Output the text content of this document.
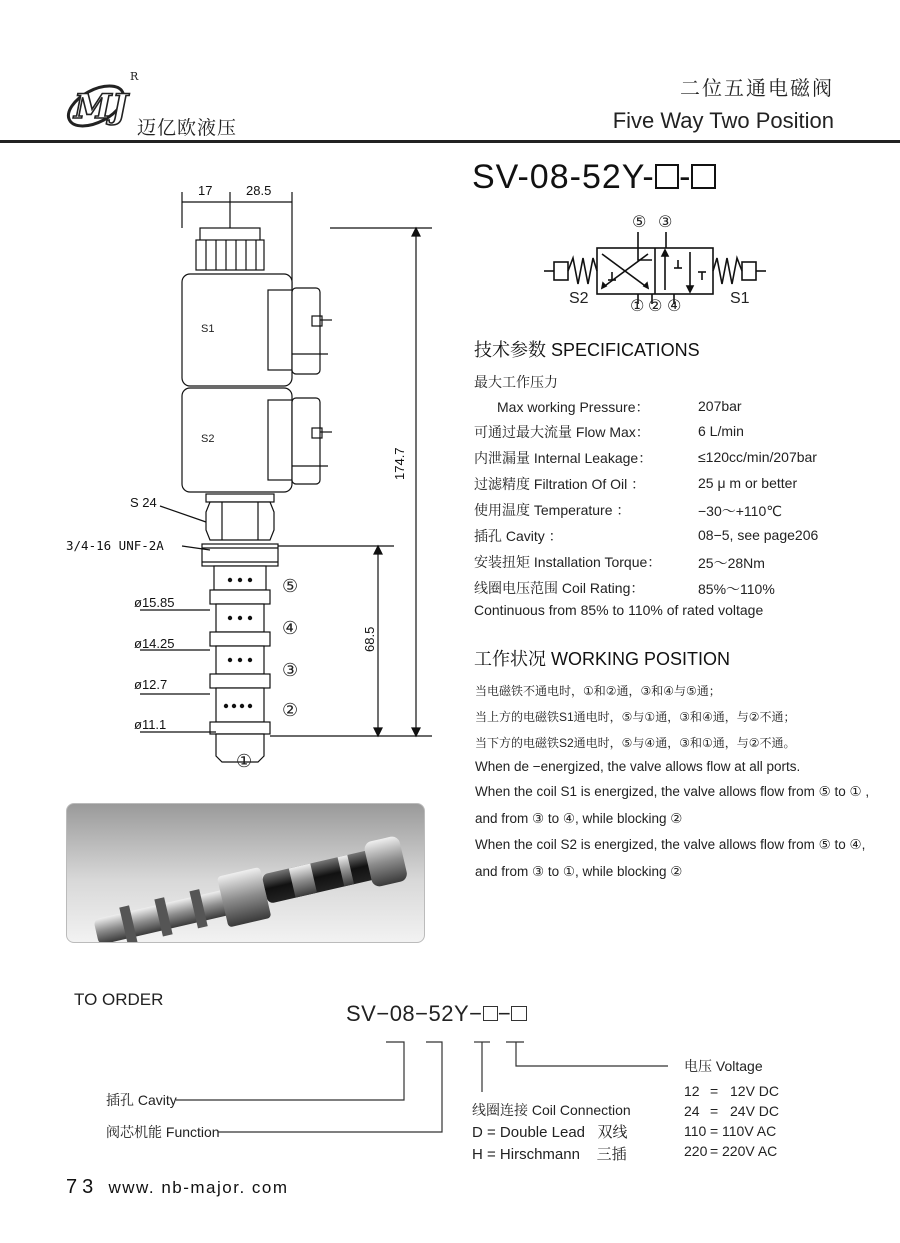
MJ
R
迈亿欧液压
二位五通电磁阀
Five Way Two Position
SV-08-52Y- -
⑤ ③
① ② ④
S2	S1
17	28.5
S1
S2
174.7
68.5
S 24
3/4-16 UNF-2A
ø15.85
ø14.25
ø12.7
ø11.1
⑤
④
③
②
①
技术参数 SPECIFICATIONS
最大工作压力
Max working Pressure：	207bar
可通过最大流量 Flow Max：	6 L/min
内泄漏量 Internal Leakage：	≤120cc/min/207bar
过滤精度 Filtration Of Oil ：	25 μ m or better
使用温度 Temperature ：	−30～+110℃
插孔 Cavity ：	08−5, see page206
安装扭矩 Installation Torque：	25～28Nm
线圈电压范围 Coil Rating：	85%～110%
Continuous from 85% to 110% of rated voltage
工作状况 WORKING POSITION
当电磁铁不通电时，①和②通，③和④与⑤通；
当上方的电磁铁S1通电时，⑤与①通，③和④通，与②不通；
当下方的电磁铁S2通电时，⑤与④通，③和①通，与②不通。
When de −energized, the valve allows flow at all ports.
When the coil S1 is energized, the valve allows flow from ⑤ to ① ,
and from ③ to ④, while blocking ②
When the coil S2 is energized, the valve allows flow from ⑤ to ④,
and from ③ to ①, while blocking ②
TO ORDER
SV−08−52Y− −
插孔 Cavity
阀芯机能 Function
线圈连接 Coil Connection
D = Double Lead   双线
H = Hirschmann    三插
电压 Voltage
12 = 12V DC
24 = 24V DC
110 = 110V AC
220 = 220V AC
73 www. nb-major. com
